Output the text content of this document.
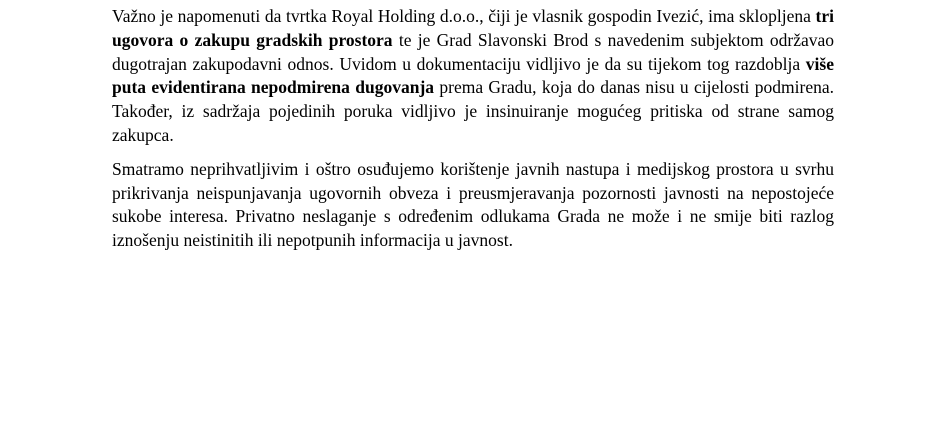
Važno je napomenuti da tvrtka Royal Holding d.o.o., čiji je vlasnik gospodin Ivezić, ima sklopljena tri ugovora o zakupu gradskih prostora te je Grad Slavonski Brod s navedenim subjektom održavao dugotrajan zakupodavni odnos. Uvidom u dokumentaciju vidljivo je da su tijekom tog razdoblja više puta evidentirana nepodmirena dugovanja prema Gradu, koja do danas nisu u cijelosti podmirena. Također, iz sadržaja pojedinih poruka vidljivo je insinuiranje mogućeg pritiska od strane samog zakupca.

Smatramo neprihvatljivim i oštro osuđujemo korištenje javnih nastupa i medijskog prostora u svrhu prikrivanja neispunjavanja ugovornih obveza i preusmjeravanja pozornosti javnosti na nepostojeće sukobe interesa. Privatno neslaganje s određenim odlukama Grada ne može i ne smije biti razlog iznošenju neistinitih ili nepotpunih informacija u javnost.
